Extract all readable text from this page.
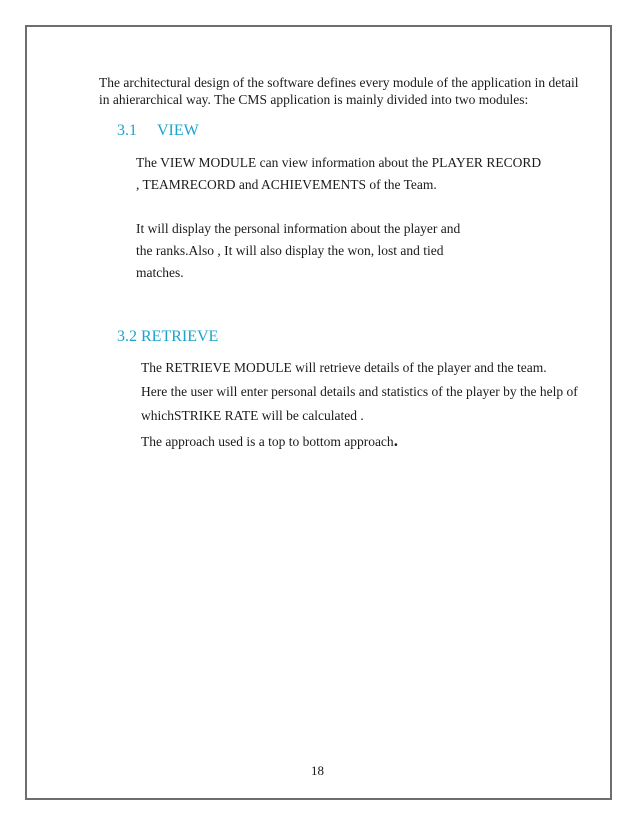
The architectural design of the software defines every module of the application in detail
in ahierarchical way. The CMS application is mainly divided into two modules:
3.1 VIEW
The VIEW MODULE can view information about the PLAYER RECORD
, TEAMRECORD and ACHIEVEMENTS of the Team.
It will display the personal information about the player and
the ranks.Also , It will also display the won, lost and tied
matches.
3.2 RETRIEVE
The RETRIEVE MODULE will retrieve details of the player and the team.
Here the user will enter personal details and statistics of the player by the help of
whichSTRIKE RATE will be calculated .
The approach used is a top to bottom approach.
18
